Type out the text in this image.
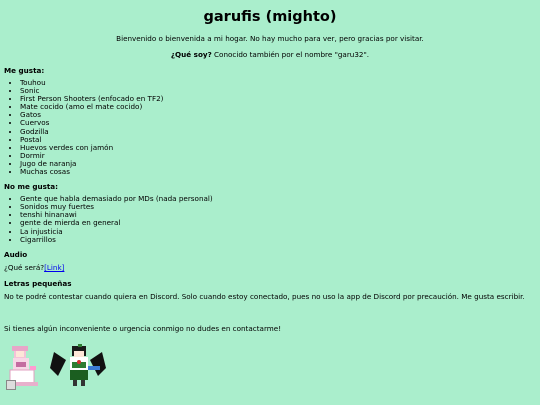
garufis (mighto)

Bienvenido o bienvenida a mi hogar. No hay mucho para ver, pero gracias por visitar.

¿Qué soy? Conocido también por el nombre "garu32".

Me gusta:
• Touhou
• Sonic
• First Person Shooters (enfocado en TF2)
• Mate cocido (amo el mate cocido)
• Gatos
• Cuervos
• Godzilla
• Postal
• Huevos verdes con jamón
• Dormir
• Jugo de naranja
• Muchas cosas
No me gusta:
• Gente que habla demasiado por MDs (nada personal)
• Sonidos muy fuertes
• tenshi hinanawi
• gente de mierda en general
• La injusticia
• Cigarrillos
Audio

¿Qué será?[Link]

Letras pequeñas

No te podré contestar cuando quiera en Discord. Solo cuando estoy conectado, pues no uso la app de Discord por precaución. Me gusta escribir.

Si tienes algún inconveniente o urgencia conmigo no dudes en contactarme!
